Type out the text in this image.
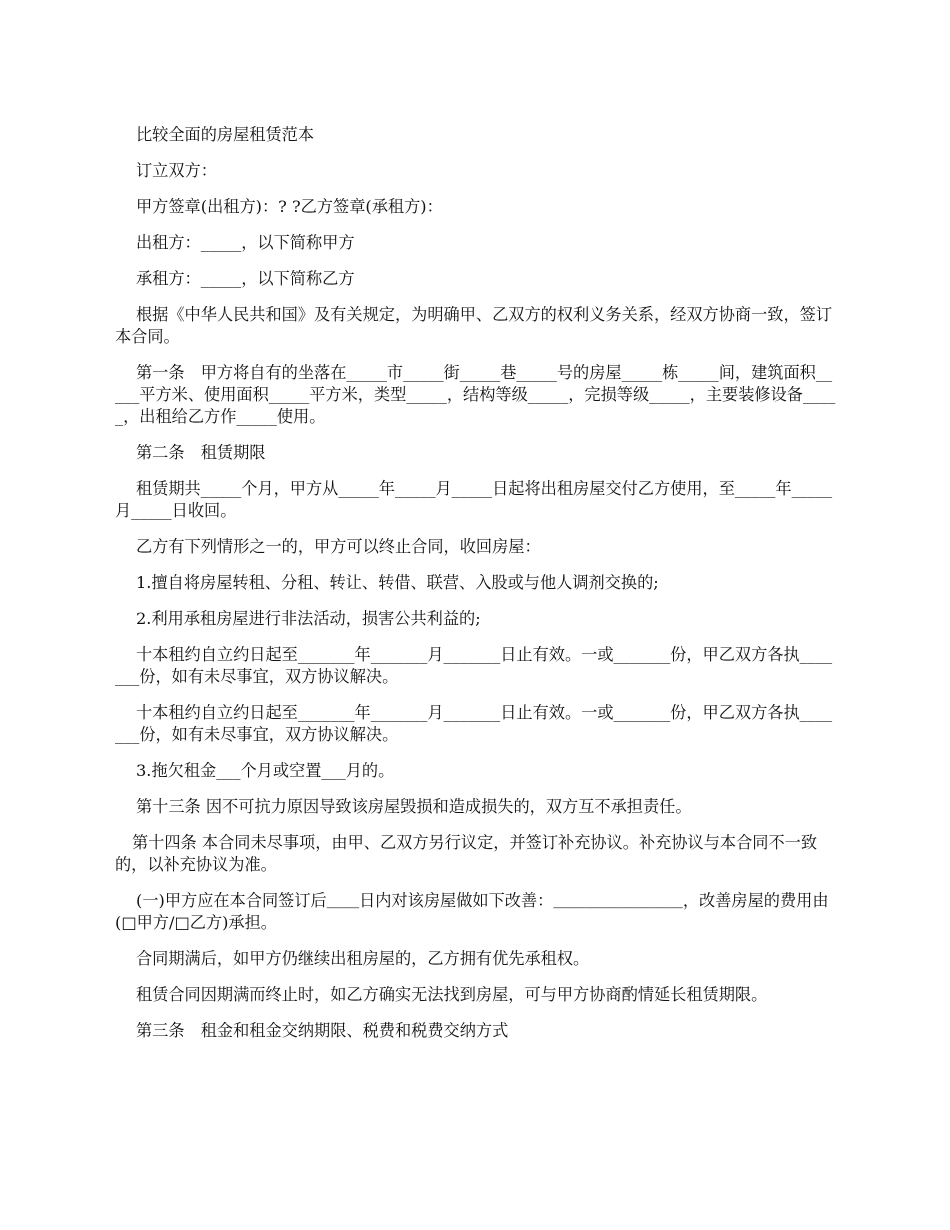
比较全面的房屋租赁范本

订立双方：

甲方签章(出租方)：? ?乙方签章(承租方)：

出租方：_____，以下简称甲方

承租方：_____，以下简称乙方

根据《中华人民共和国》及有关规定，为明确甲、乙双方的权利义务关系，经双方协商一致，签订本合同。

第一条　甲方将自有的坐落在_____市_____街_____巷_____号的房屋_____栋_____间，建筑面积_____平方米、使用面积_____平方米，类型_____，结构等级_____，完损等级_____，主要装修设备_____，出租给乙方作_____使用。

第二条　租赁期限

租赁期共_____个月，甲方从_____年_____月_____日起将出租房屋交付乙方使用，至_____年_____月_____日收回。

乙方有下列情形之一的，甲方可以终止合同，收回房屋：

1.擅自将房屋转租、分租、转让、转借、联营、入股或与他人调剂交换的;

2.利用承租房屋进行非法活动，损害公共利益的;

十本租约自立约日起至_______年_______月_______日止有效。一或_______份，甲乙双方各执_______份，如有未尽事宜，双方协议解决。

十本租约自立约日起至_______年_______月_______日止有效。一或_______份，甲乙双方各执_______份，如有未尽事宜，双方协议解决。

3.拖欠租金___个月或空置___月的。

第十三条 因不可抗力原因导致该房屋毁损和造成损失的，双方互不承担责任。

第十四条 本合同未尽事项，由甲、乙双方另行议定，并签订补充协议。补充协议与本合同不一致的，以补充协议为准。

(一)甲方应在本合同签订后＿＿日内对该房屋做如下改善：＿＿＿＿＿＿＿＿，改善房屋的费用由(□甲方/□乙方)承担。

合同期满后，如甲方仍继续出租房屋的，乙方拥有优先承租权。

租赁合同因期满而终止时，如乙方确实无法找到房屋，可与甲方协商酌情延长租赁期限。

第三条　租金和租金交纳期限、税费和税费交纳方式
